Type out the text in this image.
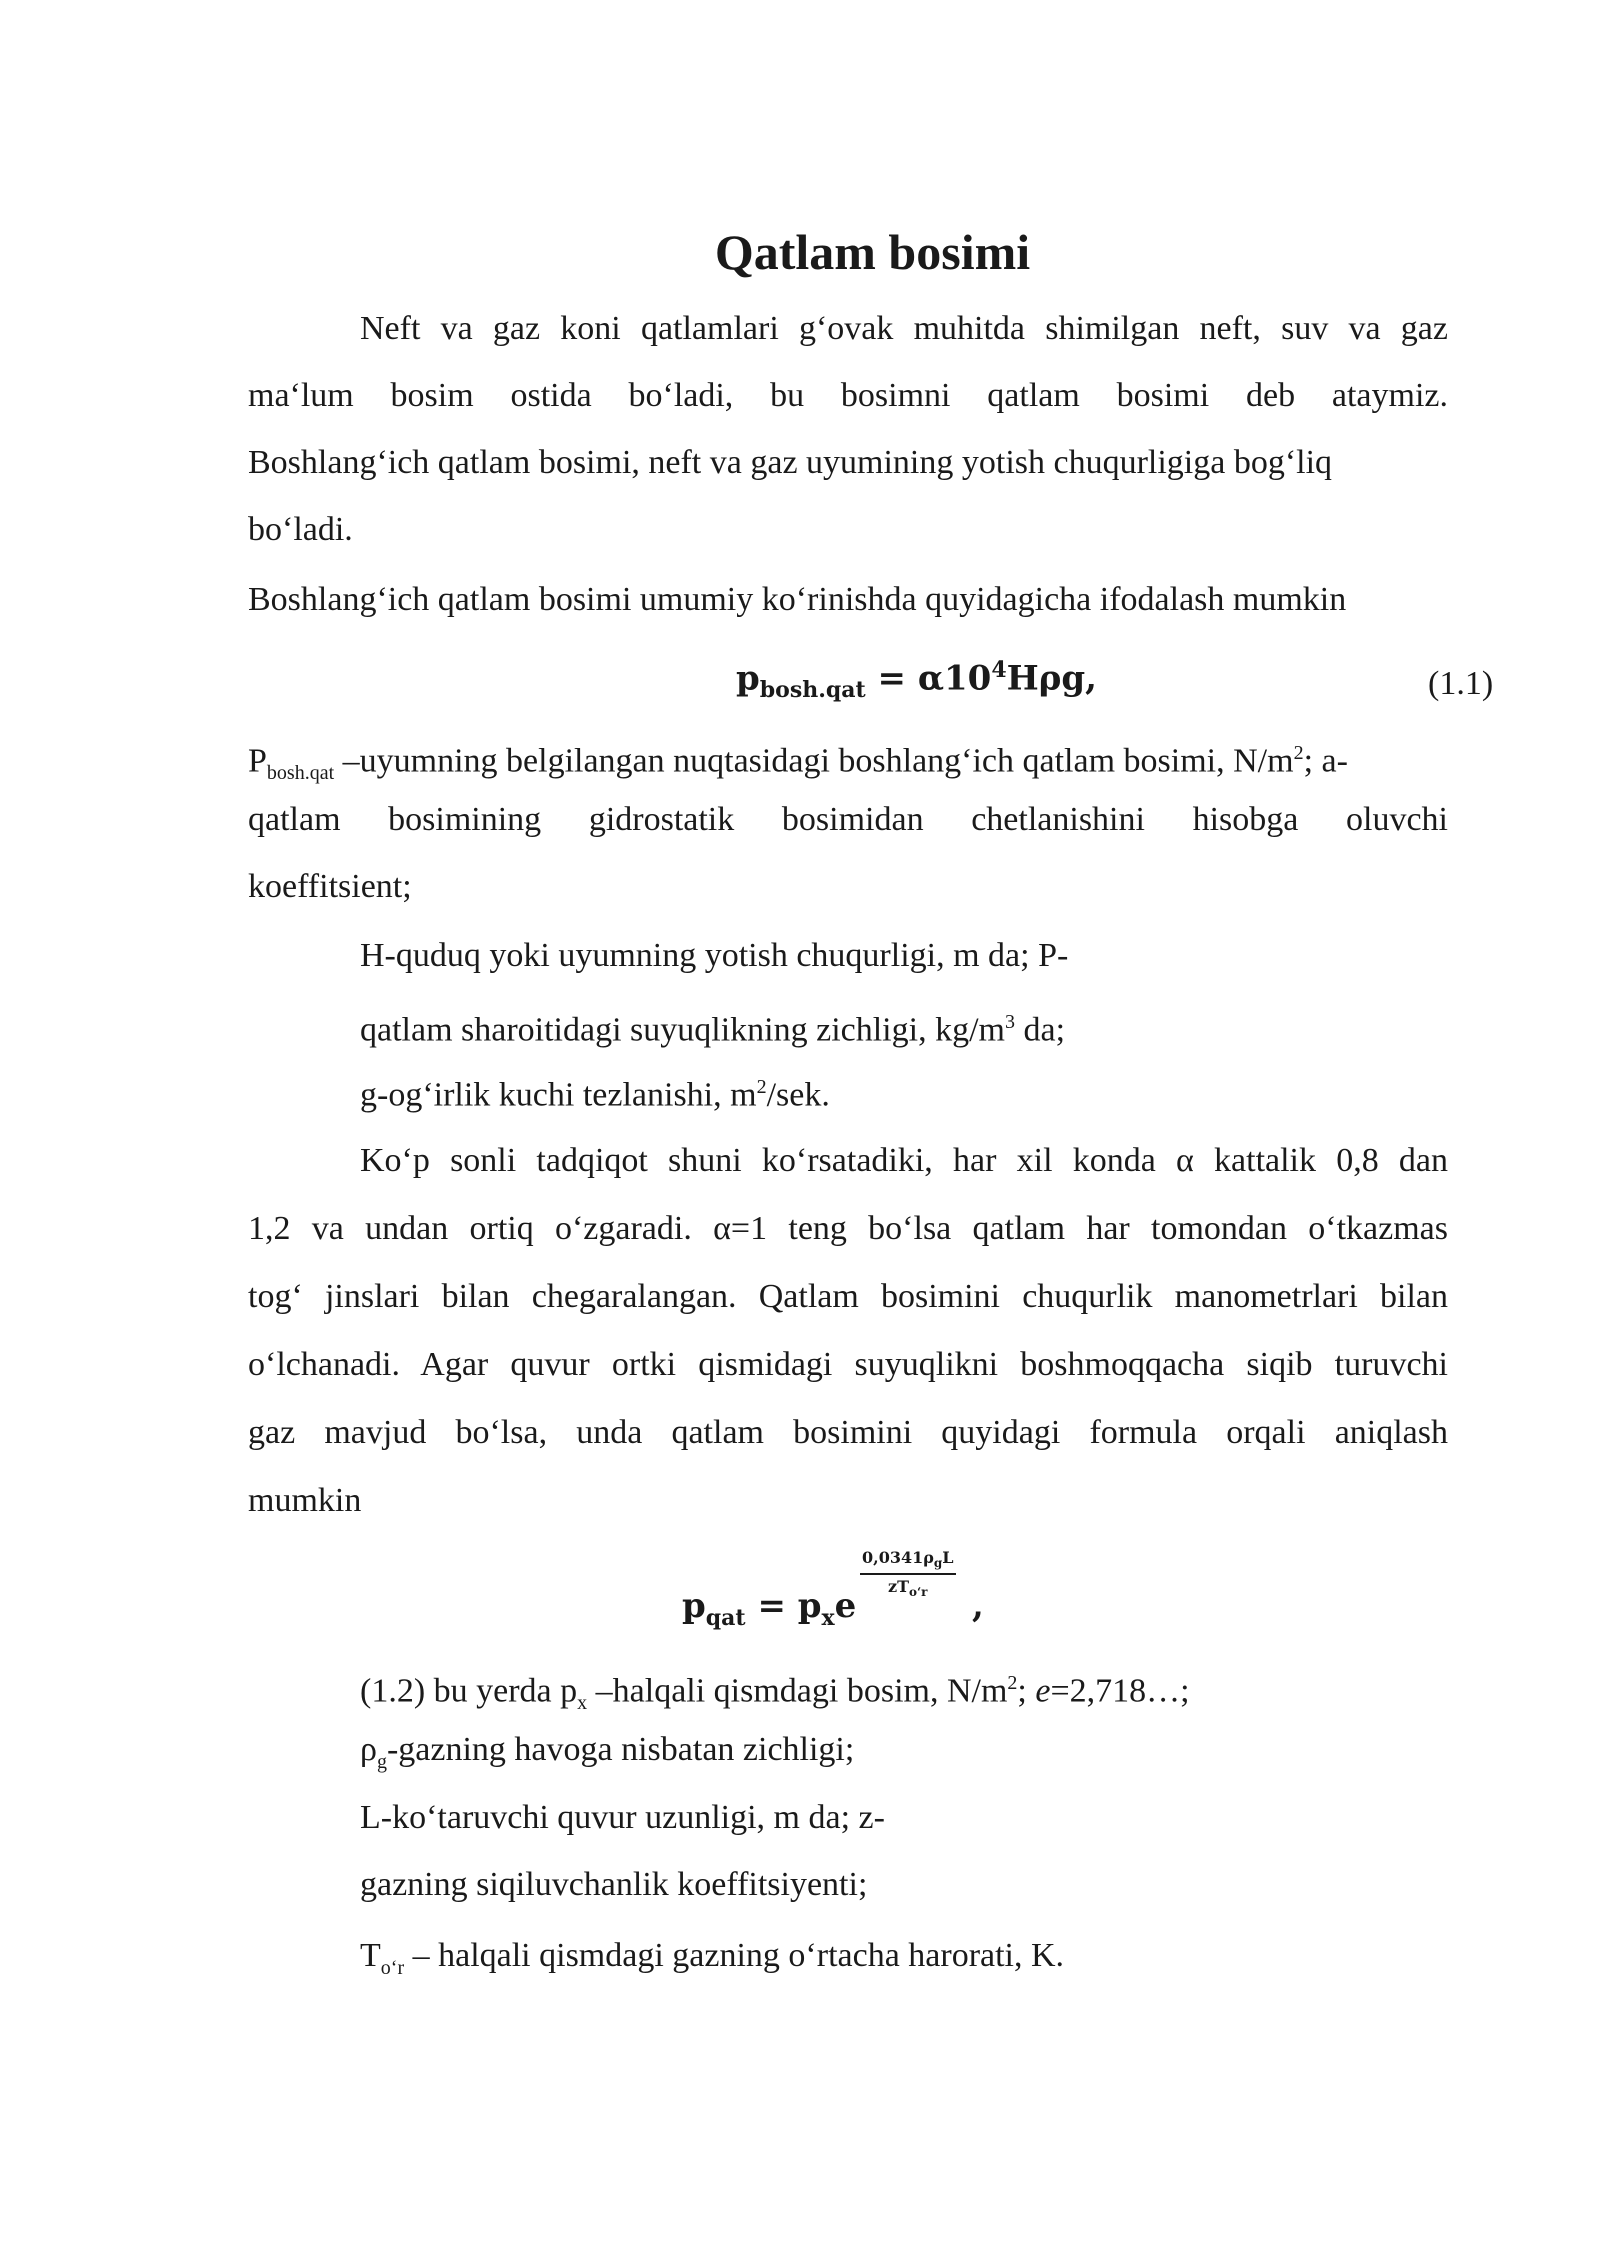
Qatlam bosimi
Neft va gaz koni qatlamlari g‘ovak muhitda shimilgan neft, suv va gaz
ma‘lum bosim ostida bo‘ladi, bu bosimni qatlam bosimi deb ataymiz.
Boshlang‘ich qatlam bosimi, neft va gaz uyumining yotish chuqurligiga bog‘liq
bo‘ladi.
Boshlang‘ich qatlam bosimi umumiy ko‘rinishda quyidagicha ifodalash mumkin
$p_{bosh.qat} = \alpha 10^4H\rho g$,	(1.1)
$P_{bosh.qat}$ –uyumning belgilangan nuqtasidagi boshlang‘ich qatlam bosimi, $N/m^2$; a-
qatlam bosimining gidrostatik bosimidan chetlanishini hisobga oluvchi
koeffitsient;
H-quduq yoki uyumning yotish chuqurligi, m da; P-
qatlam sharoitidagi suyuqlikning zichligi, $kg/m^3$ da;
g-og‘irlik kuchi tezlanishi, $m^2$/sek.
Ko‘p sonli tadqiqot shuni ko‘rsatadiki, har xil konda α kattalik 0,8 dan
1,2 va undan ortiq o‘zgaradi. α=1 teng bo‘lsa qatlam har tomondan o‘tkazmas
tog‘ jinslari bilan chegaralangan. Qatlam bosimini chuqurlik manometrlari bilan
o‘lchanadi. Agar quvur ortki qismidagi suyuqlikni boshmoqqacha siqib turuvchi
gaz mavjud bo‘lsa, unda qatlam bosimini quyidagi formula orqali aniqlash
mumkin
$p_{qat} = p_xe$
$0,0341\rho_gL$
$zT_{o‘r}$	,
(1.2) bu yerda $p_x$ –halqali qismdagi bosim, $N/m^2$; e=2,718…;
$\rho_g$-gazning havoga nisbatan zichligi;
L-ko‘taruvchi quvur uzunligi, m da; z-
gazning siqiluvchanlik koeffitsiyenti;
$T_{o‘r}$ – halqali qismdagi gazning o‘rtacha harorati, K.
